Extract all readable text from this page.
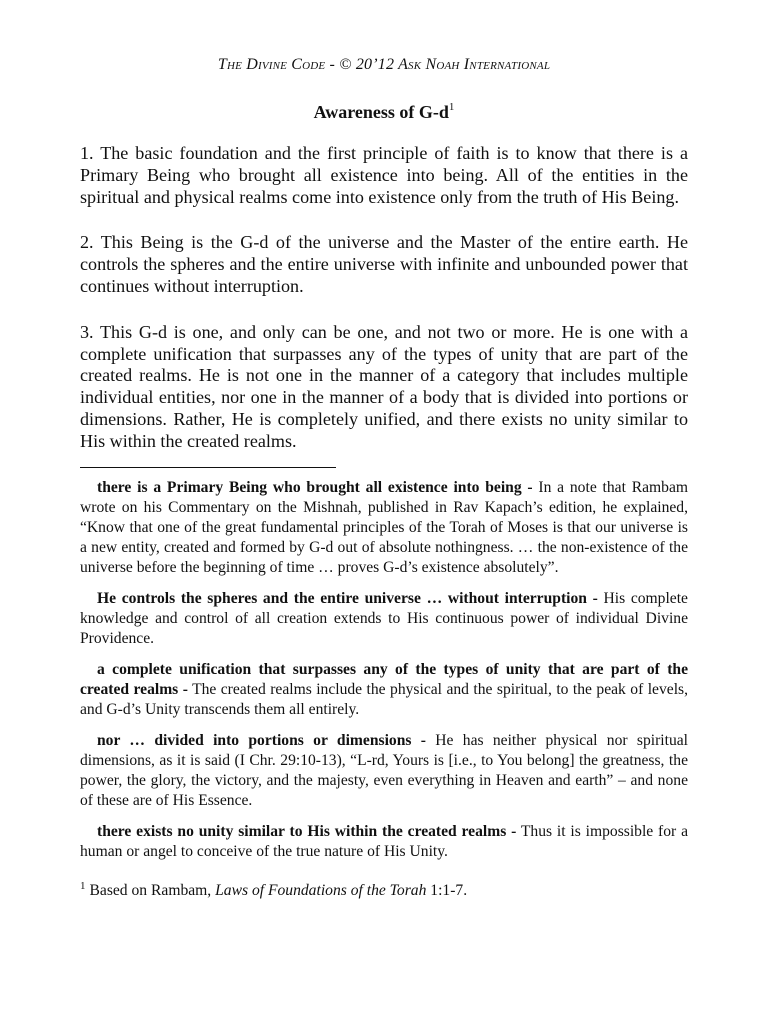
The Divine Code - © 20’12 Ask Noah International

Awareness of $G-d^1$

1. The basic foundation and the first principle of faith is to know that there is a Primary Being who brought all existence into being. All of the entities in the spiritual and physical realms come into existence only from the truth of His Being.

2. This Being is the G-d of the universe and the Master of the entire earth. He controls the spheres and the entire universe with infinite and unbounded power that continues without interruption.

3. This G-d is one, and only can be one, and not two or more. He is one with a complete unification that surpasses any of the types of unity that are part of the created realms. He is not one in the manner of a category that includes multiple individual entities, nor one in the manner of a body that is divided into portions or dimensions. Rather, He is completely unified, and there exists no unity similar to His within the created realms.

there is a Primary Being who brought all existence into being - In a note that Rambam wrote on his Commentary on the Mishnah, published in Rav Kapach’s edition, he explained, “Know that one of the great fundamental principles of the Torah of Moses is that our universe is a new entity, created and formed by G-d out of absolute nothingness. … the non-existence of the universe before the beginning of time … proves G-d’s existence absolutely”.

He controls the spheres and the entire universe … without interruption - His complete knowledge and control of all creation extends to His continuous power of individual Divine Providence.

a complete unification that surpasses any of the types of unity that are part of the created realms - The created realms include the physical and the spiritual, to the peak of levels, and G-d’s Unity transcends them all entirely.

nor … divided into portions or dimensions - He has neither physical nor spiritual dimensions, as it is said (I Chr. 29:10-13), “L-rd, Yours is [i.e., to You belong] the greatness, the power, the glory, the victory, and the majesty, even everything in Heaven and earth” – and none of these are of His Essence.

there exists no unity similar to His within the created realms - Thus it is impossible for a human or angel to conceive of the true nature of His Unity.

$^1$ Based on Rambam, Laws of Foundations of the Torah 1:1-7.
